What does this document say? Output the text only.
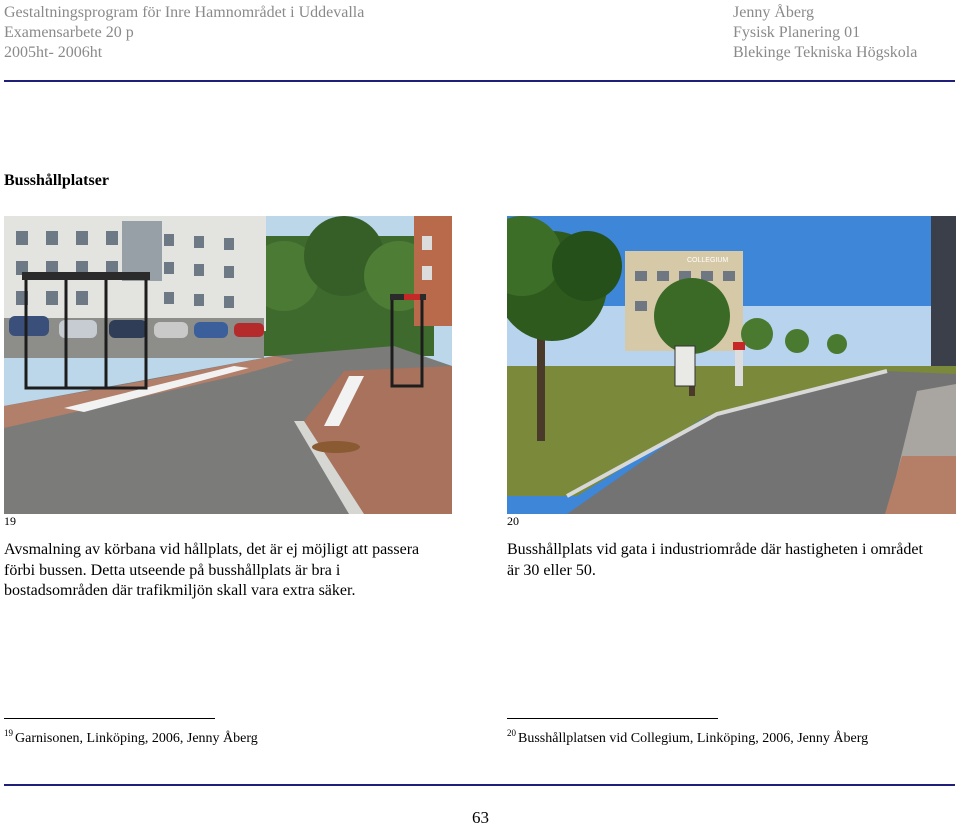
Gestaltningsprogram för Inre Hamnområdet i Uddevalla
Examensarbete 20 p
2005ht- 2006ht
Jenny Åberg
Fysisk Planering 01
Blekinge Tekniska Högskola
Busshållplatser
COLLEGIUM
19	20
Avsmalning av körbana vid hållplats, det är ej möjligt att passera förbi bussen. Detta utseende på busshållplats är bra i bostadsområden där trafikmiljön skall vara extra säker.
Busshållplats vid gata i industriområde där hastigheten i området är 30 eller 50.
$^{19}$ Garnisonen, Linköping, 2006, Jenny Åberg	$^{20}$ Busshållplatsen vid Collegium, Linköping, 2006, Jenny Åberg
63
